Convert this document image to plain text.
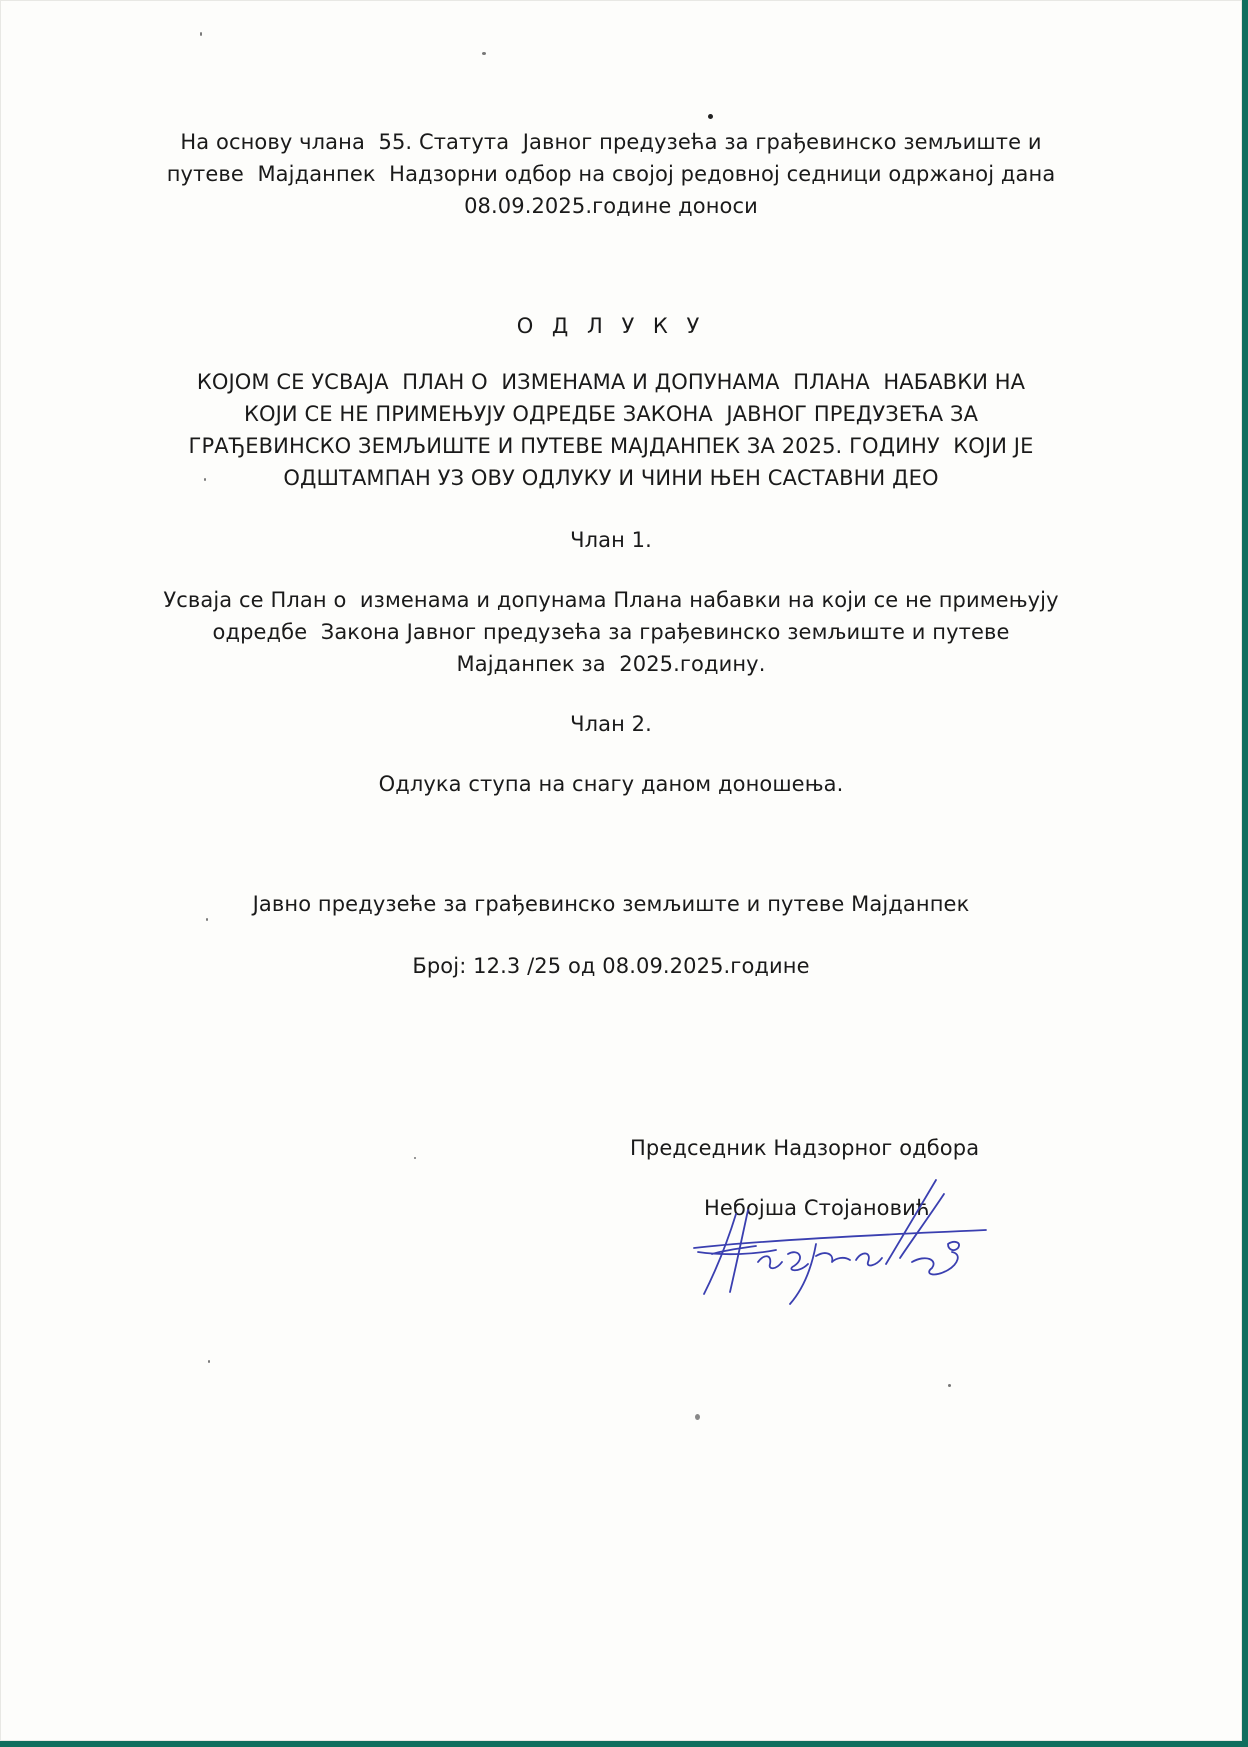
На основу члана  55. Статута  Јавног предузећа за грађевинско земљиште и
путеве  Мајданпек  Надзорни одбор на својој редовној седници одржаној дана
08.09.2025.године доноси
О Д Л У К У
КОЈОМ СЕ УСВАЈА  ПЛАН О  ИЗМЕНАМА И ДОПУНАМА  ПЛАНА  НАБАВКИ НА
КОЈИ СЕ НЕ ПРИМЕЊУЈУ ОДРЕДБЕ ЗАКОНА  ЈАВНОГ ПРЕДУЗЕЋА ЗА
ГРАЂЕВИНСКО ЗЕМЉИШТЕ И ПУТЕВЕ МАЈДАНПЕК ЗА 2025. ГОДИНУ  КОЈИ ЈЕ
ОДШТАМПАН УЗ ОВУ ОДЛУКУ И ЧИНИ ЊЕН САСТАВНИ ДЕО
Члан 1.
Усваја се План о  изменама и допунама Плана набавки на који се не примењују
одредбе  Закона Јавног предузећа за грађевинско земљиште и путеве
Мајданпек за  2025.годину.
Члан 2.
Одлука ступа на снагу даном доношења.
Јавно предузеће за грађевинско земљиште и путеве Мајданпек
Број: 12.3 /25 од 08.09.2025.године
Председник Надзорног одбора
Небојша Стојановић
